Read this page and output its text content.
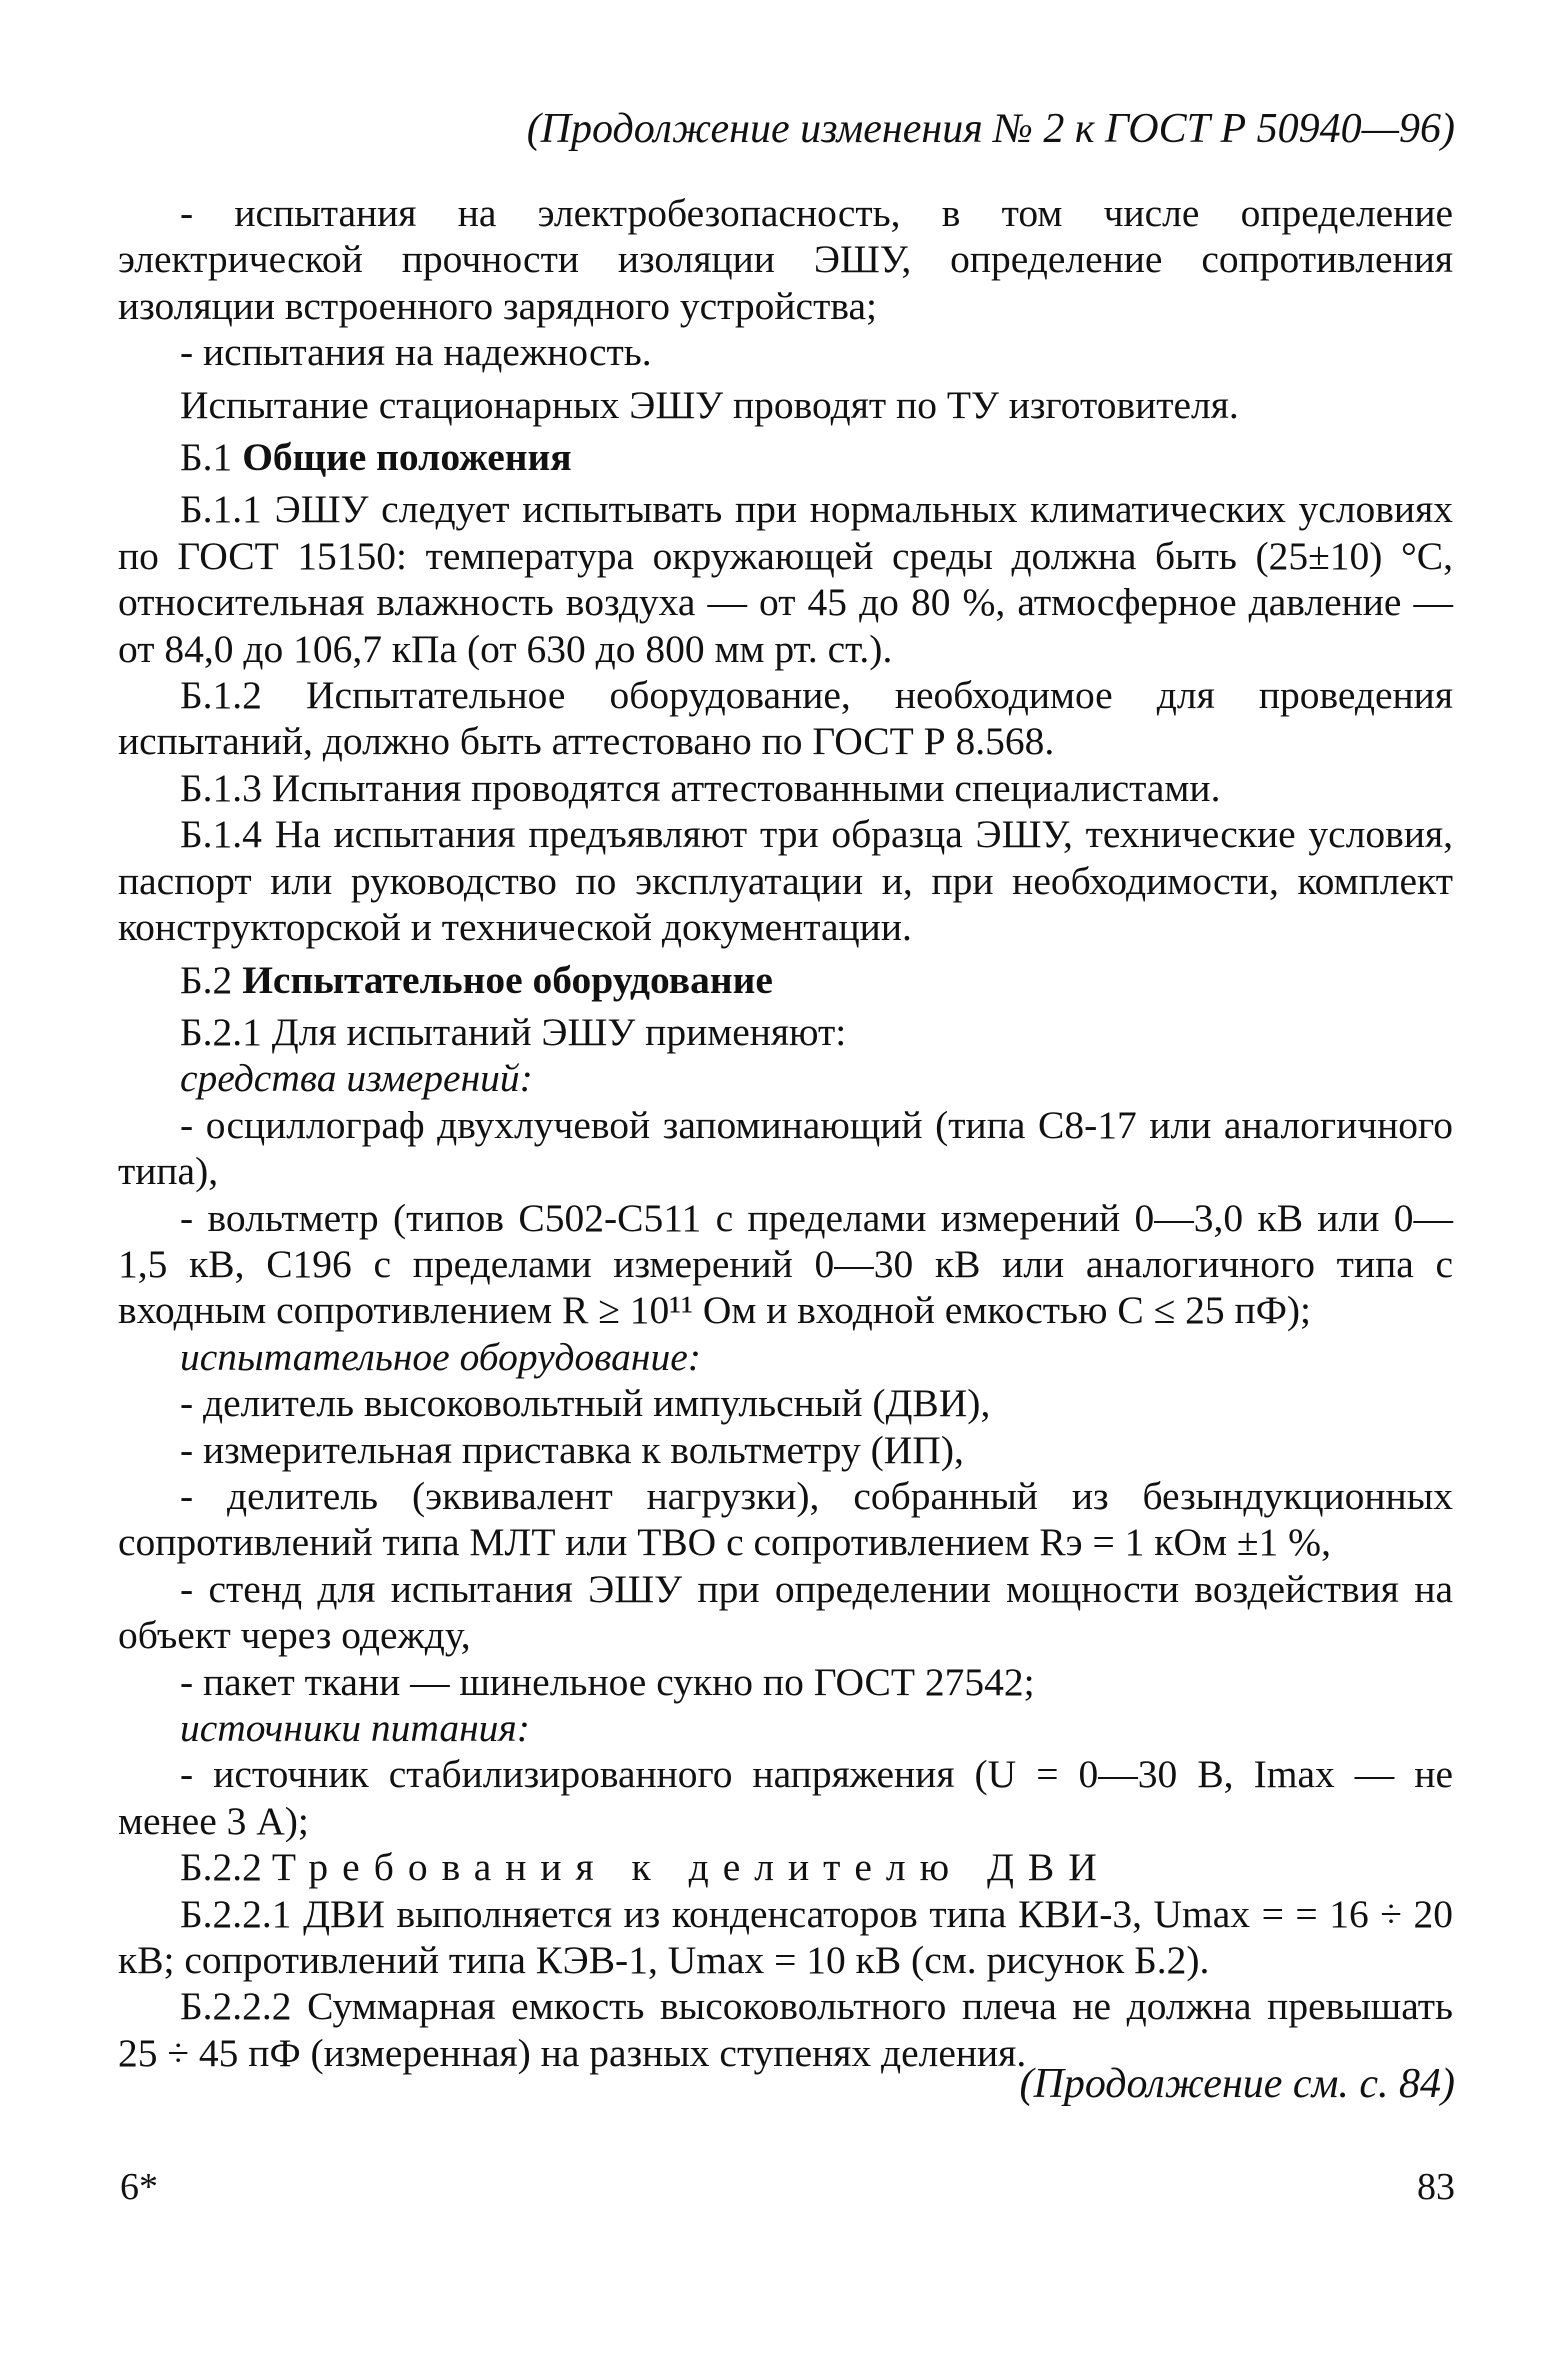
(Продолжение изменения № 2 к ГОСТ Р 50940—96)

- испытания на электробезопасность, в том числе определение электрической прочности изоляции ЭШУ, определение сопротивления изоляции встроенного зарядного устройства;

- испытания на надежность.

Испытание стационарных ЭШУ проводят по ТУ изготовителя.

Б.1 Общие положения

Б.1.1 ЭШУ следует испытывать при нормальных климатических условиях по ГОСТ 15150: температура окружающей среды должна быть (25±10) °С, относительная влажность воздуха — от 45 до 80 %, атмосферное давление — от 84,0 до 106,7 кПа (от 630 до 800 мм рт. ст.).

Б.1.2 Испытательное оборудование, необходимое для проведения испытаний, должно быть аттестовано по ГОСТ Р 8.568.

Б.1.3 Испытания проводятся аттестованными специалистами.

Б.1.4 На испытания предъявляют три образца ЭШУ, технические условия, паспорт или руководство по эксплуатации и, при необходимости, комплект конструкторской и технической документации.

Б.2 Испытательное оборудование

Б.2.1 Для испытаний ЭШУ применяют:

средства измерений:

- осциллограф двухлучевой запоминающий (типа С8-17 или аналогичного типа),

- вольтметр (типов С502-С511 с пределами измерений 0—3,0 кВ или 0—1,5 кВ, С196 с пределами измерений 0—30 кВ или аналогичного типа с входным сопротивлением R ≥ 10¹¹ Ом и входной емкостью С ≤ 25 пФ);

испытательное оборудование:

- делитель высоковольтный импульсный (ДВИ),

- измерительная приставка к вольтметру (ИП),

- делитель (эквивалент нагрузки), собранный из безындукционных сопротивлений типа МЛТ или ТВО с сопротивлением Rэ = 1 кОм ±1 %,

- стенд для испытания ЭШУ при определении мощности воздействия на объект через одежду,

- пакет ткани — шинельное сукно по ГОСТ 27542;

источники питания:

- источник стабилизированного напряжения (U = 0—30 В, Imax — не менее 3 А);

Б.2.2 Требования к делителю ДВИ

Б.2.2.1 ДВИ выполняется из конденсаторов типа КВИ-3, Umax = = 16 ÷ 20 кВ; сопротивлений типа КЭВ-1, Umax = 10 кВ (см. рисунок Б.2).

Б.2.2.2 Суммарная емкость высоковольтного плеча не должна превышать 25 ÷ 45 пФ (измеренная) на разных ступенях деления.

(Продолжение см. с. 84)
6*	83
